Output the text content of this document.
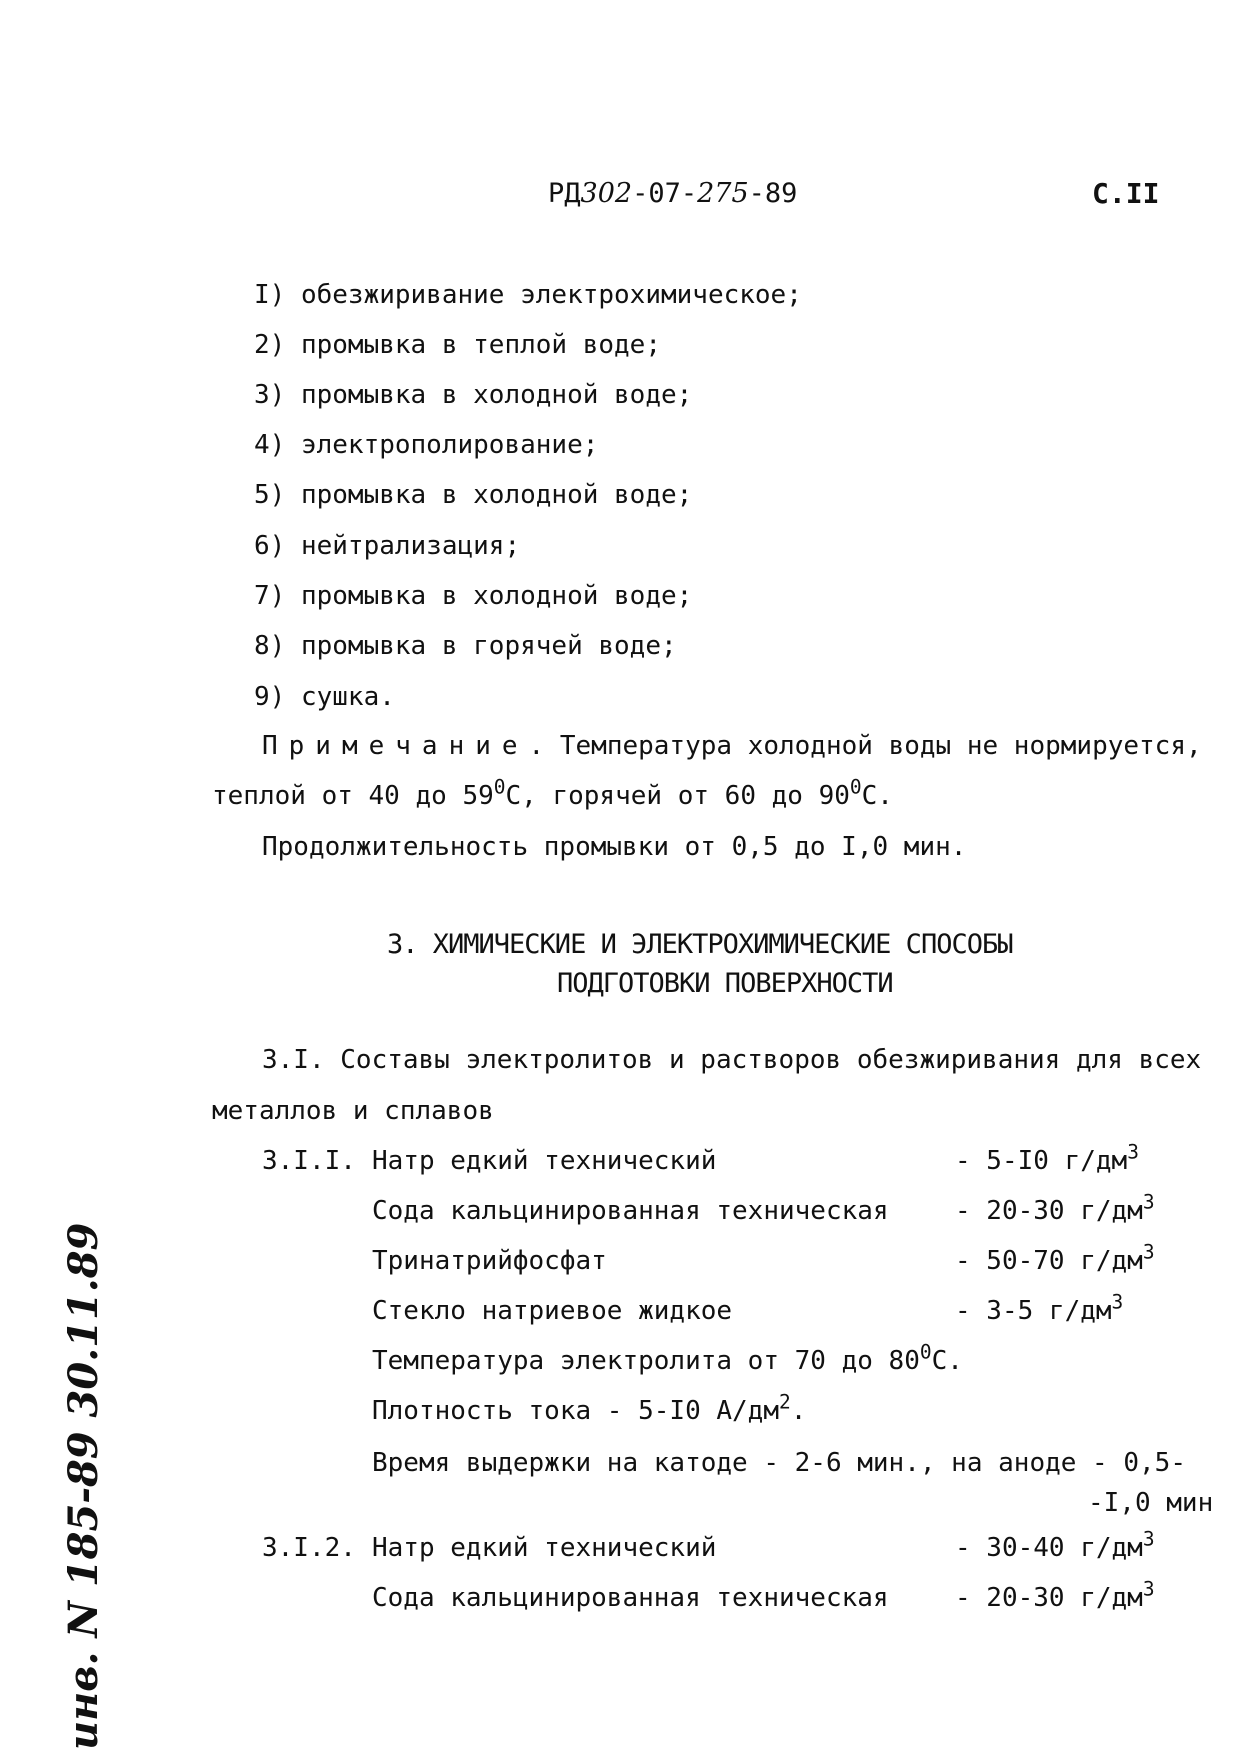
РД302-07-275-89	С.II
I) обезжиривание электрохимическое;
2) промывка в теплой воде;
3) промывка в холодной воде;
4) электрополирование;
5) промывка в холодной воде;
6) нейтрализация;
7) промывка в холодной воде;
8) промывка в горячей воде;
9) сушка.
Примечание. Температура холодной воды не нормируется,
теплой от 40 до $59^0С$, горячей от 60 до $90^0С$.
Продолжительность промывки от 0,5 до I,0 мин.
3. ХИМИЧЕСКИЕ И ЭЛЕКТРОХИМИЧЕСКИЕ СПОСОБЫ
ПОДГОТОВКИ ПОВЕРХНОСТИ
3.I. Составы электролитов и растворов обезжиривания для всех
металлов и сплавов
3.I.I. Натр едкий технический	- 5-I0 $г/дм^3$
Сода кальцинированная техническая	- 20-30 $г/дм^3$
Тринатрийфосфат	- 50-70 $г/дм^3$
Стекло натриевое жидкое	- 3-5 $г/дм^3$
Температура электролита от 70 до $80^0С$.
Плотность тока - 5-I0 $А/дм^2$.
Время выдержки на катоде - 2-6 мин., на аноде - 0,5-
-I,0 мин
3.I.2. Натр едкий технический	- 30-40 $г/дм^3$
Сода кальцинированная техническая	- 20-30 $г/дм^3$
инв. N 185-89 30.11.89
